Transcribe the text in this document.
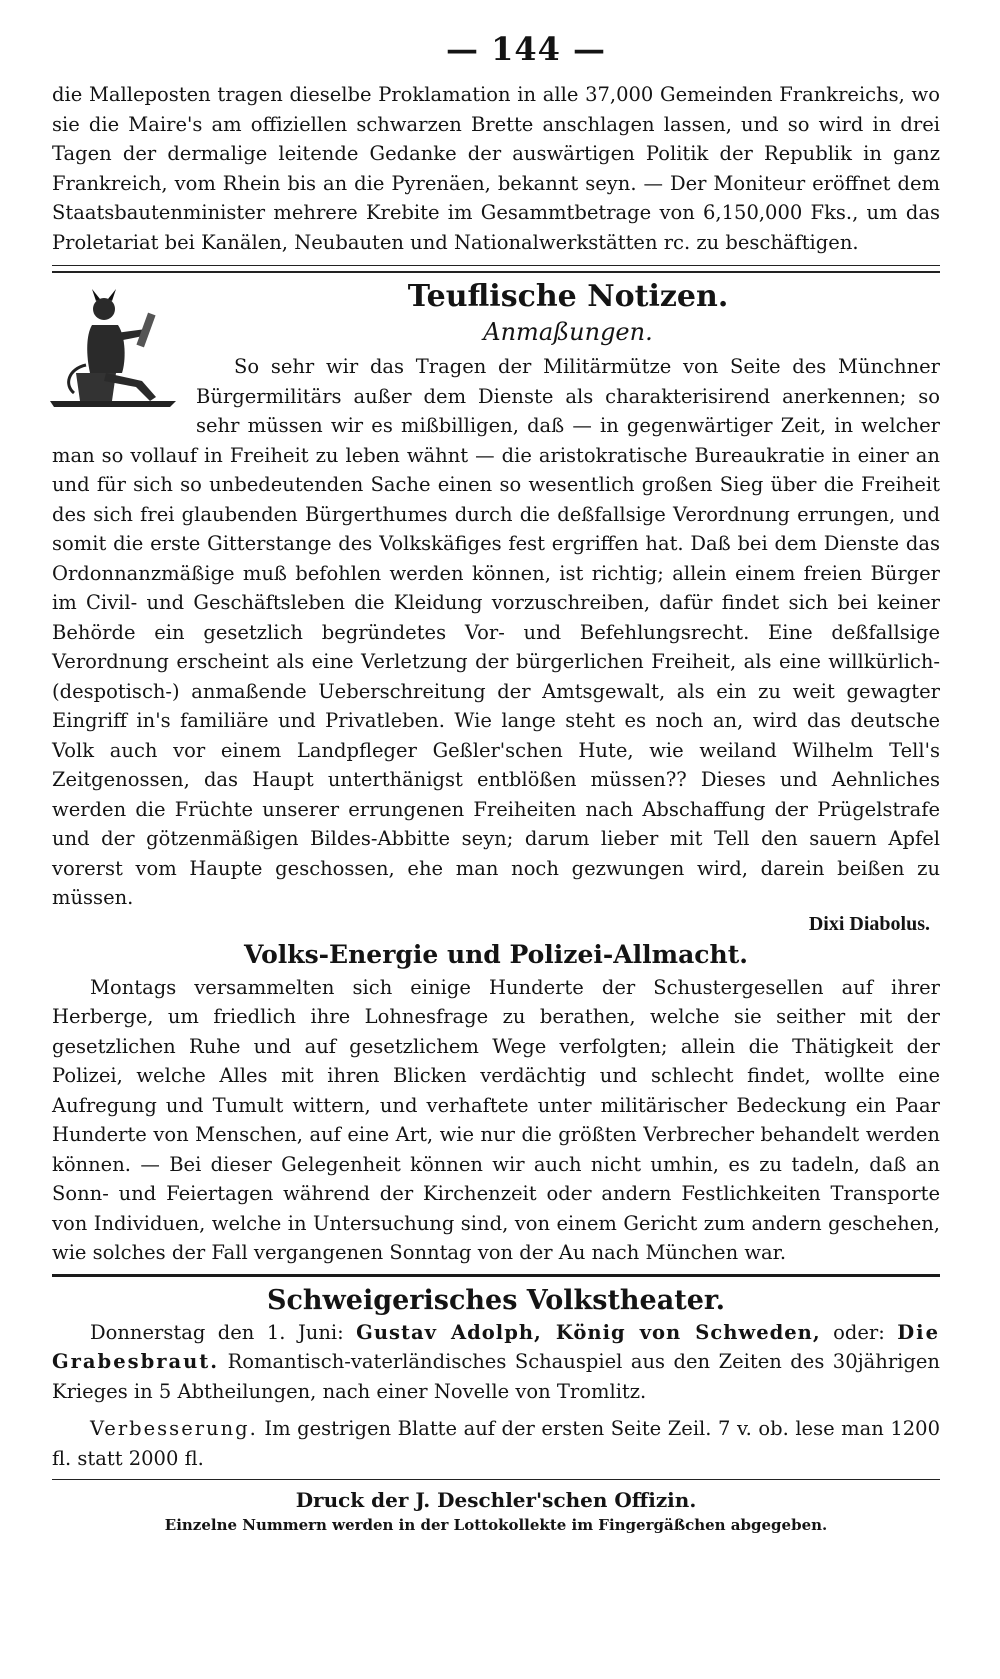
— 144 —

die Malleposten tragen dieselbe Proklamation in alle 37,000 Gemeinden Frankreichs, wo sie die Maire's am offiziellen schwarzen Brette anschlagen lassen, und so wird in drei Tagen der dermalige leitende Gedanke der auswärtigen Politik der Republik in ganz Frankreich, vom Rhein bis an die Pyrenäen, bekannt seyn. — Der Moniteur eröffnet dem Staatsbautenminister mehrere Krebite im Gesammtbetrage von 6,150,000 Fks., um das Proletariat bei Kanälen, Neubauten und Nationalwerkstätten rc. zu beschäftigen.

Teuflische Notizen.
Anmaßungen.

So sehr wir das Tragen der Militärmütze von Seite des Münchner Bürgermilitärs außer dem Dienste als charakterisirend anerkennen; so sehr müssen wir es mißbilligen, daß — in gegenwärtiger Zeit, in welcher man so vollauf in Freiheit zu leben wähnt — die aristokratische Bureaukratie in einer an und für sich so unbedeutenden Sache einen so wesentlich großen Sieg über die Freiheit des sich frei glaubenden Bürgerthumes durch die deßfallsige Verordnung errungen, und somit die erste Gitterstange des Volkskäfiges fest ergriffen hat. Daß bei dem Dienste das Ordonnanzmäßige muß befohlen werden können, ist richtig; allein einem freien Bürger im Civil- und Geschäftsleben die Kleidung vorzuschreiben, dafür findet sich bei keiner Behörde ein gesetzlich begründetes Vor- und Befehlungsrecht. Eine deßfallsige Verordnung erscheint als eine Verletzung der bürgerlichen Freiheit, als eine willkürlich- (despotisch-) anmaßende Ueberschreitung der Amtsgewalt, als ein zu weit gewagter Eingriff in's familiäre und Privatleben. Wie lange steht es noch an, wird das deutsche Volk auch vor einem Landpfleger Geßler'schen Hute, wie weiland Wilhelm Tell's Zeitgenossen, das Haupt unterthänigst entblößen müssen?? Dieses und Aehnliches werden die Früchte unserer errungenen Freiheiten nach Abschaffung der Prügelstrafe und der götzenmäßigen Bildes-Abbitte seyn; darum lieber mit Tell den sauern Apfel vorerst vom Haupte geschossen, ehe man noch gezwungen wird, darein beißen zu müssen.

Dixi Diabolus.
Volks-Energie und Polizei-Allmacht.

Montags versammelten sich einige Hunderte der Schustergesellen auf ihrer Herberge, um friedlich ihre Lohnesfrage zu berathen, welche sie seither mit der gesetzlichen Ruhe und auf gesetzlichem Wege verfolgten; allein die Thätigkeit der Polizei, welche Alles mit ihren Blicken verdächtig und schlecht findet, wollte eine Aufregung und Tumult wittern, und verhaftete unter militärischer Bedeckung ein Paar Hunderte von Menschen, auf eine Art, wie nur die größten Verbrecher behandelt werden können. — Bei dieser Gelegenheit können wir auch nicht umhin, es zu tadeln, daß an Sonn- und Feiertagen während der Kirchenzeit oder andern Festlichkeiten Transporte von Individuen, welche in Untersuchung sind, von einem Gericht zum andern geschehen, wie solches der Fall vergangenen Sonntag von der Au nach München war.

Schweigerisches Volkstheater.

Donnerstag den 1. Juni: Gustav Adolph, König von Schweden, oder: Die Grabesbraut. Romantisch-vaterländisches Schauspiel aus den Zeiten des 30jährigen Krieges in 5 Abtheilungen, nach einer Novelle von Tromlitz.

Verbesserung. Im gestrigen Blatte auf der ersten Seite Zeil. 7 v. ob. lese man 1200 fl. statt 2000 fl.

Druck der J. Deschler'schen Offizin.
Einzelne Nummern werden in der Lottokollekte im Fingergäßchen abgegeben.
